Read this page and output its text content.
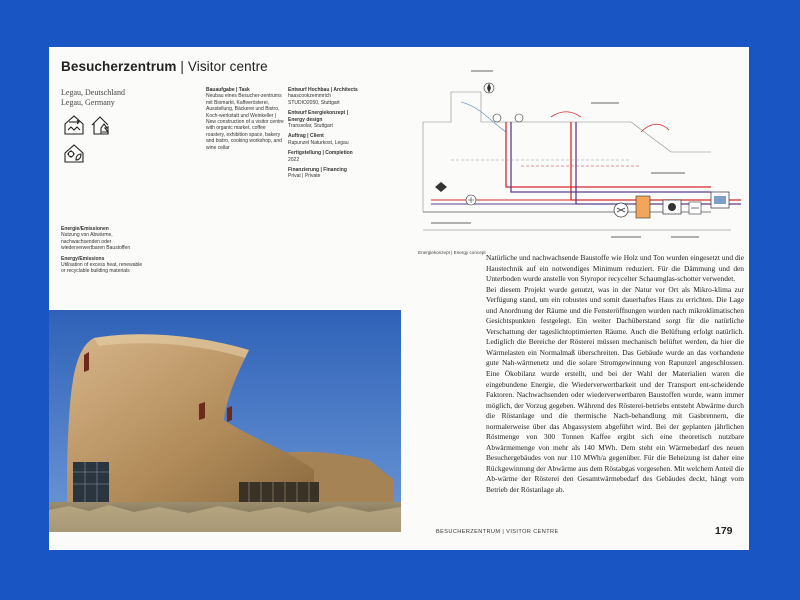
Besucherzentrum | Visitor centre
Legau, Deutschland
Legau, Germany
Bauaufgabe | Task
Neubau eines Besucher-zentrums mit Biomarkt, Kaffeerösterei, Ausstellung, Bäckerei und Bistro, Koch-werkstatt und Weinkeller | New construction of a visitor centre with organic market, coffee roastery, exhibition space, bakery and bistro, cooking workshop, and wine cellar
Entwurf Hochbau | Architects
haascookzemmrich STUDIO2050, Stuttgart
Entwurf Energiekonzept | Energy design
Transsolar, Stuttgart
Auftrag | Client
Rapunzel Naturkost, Legau
Fertigstellung | Completion
2022
Finanzierung | Financing
Privat | Private
Energie/Emissionen
Nutzung von Abwärme, nachwachsenden oder wiederverwertbaren Baustoffen
Energy/Emissions
Utilisation of excess heat, renewable or recyclable building materials
Energiekonzept | Energy concept
Natürliche und nachwachsende Baustoffe wie Holz und Ton wurden eingesetzt und die Haustechnik auf ein notwendiges Minimum reduziert. Für die Dämmung und den Unterboden wurde anstelle von Styropor recycelter Schaumglas-schotter verwendet.
Bei diesem Projekt wurde genutzt, was in der Natur vor Ort als Mikro-klima zur Verfügung stand, um ein robustes und somit dauerhaftes Haus zu errichten. Die Lage und Anordnung der Räume und die Fensteröffnungen wurden nach mikroklimatischen Gesichtspunkten festgelegt. Ein weiter Dachüberstand sorgt für die natürliche Verschattung der tageslichtoptimierten Räume. Auch die Belüftung erfolgt natürlich. Lediglich die Bereiche der Rösterei müssen mechanisch belüftet werden, da hier die Wärmelasten ein Normalmaß überschreiten. Das Gebäude wurde an das vorhandene gute Nah-wärmenetz und die solare Stromgewinnung von Rapunzel angeschlossen. Eine Ökobilanz wurde erstellt, und bei der Wahl der Materialien waren die eingebundene Energie, die Wiederverwertbarkeit und der Transport ent-scheidende Faktoren. Nachwachsenden oder wiederverwertbaren Baustoffen wurde, wann immer möglich, der Vorzug gegeben. Während des Rösterei-betriebs entsteht Abwärme durch die Röstanlage und die thermische Nach-behandlung mit Gasbrennern, die normalerweise über das Abgassystem abgeführt wird. Bei der geplanten jährlichen Röstmenge von 300 Tonnen Kaffee ergibt sich eine theoretisch nutzbare Abwärmemenge von mehr als 140 MWh. Dem steht ein Wärmebedarf des neuen Besuchergebäudes von nur 110 MWh/a gegenüber. Für die Beheizung ist daher eine Rückgewinnung der Abwärme aus dem Röstabgas vorgesehen. Mit welchem Anteil die Ab-wärme der Rösterei den Gesamtwärmebedarf des Gebäudes deckt, hängt vom Betrieb der Röstanlage ab.
BESUCHERZENTRUM | VISITOR CENTRE	179
